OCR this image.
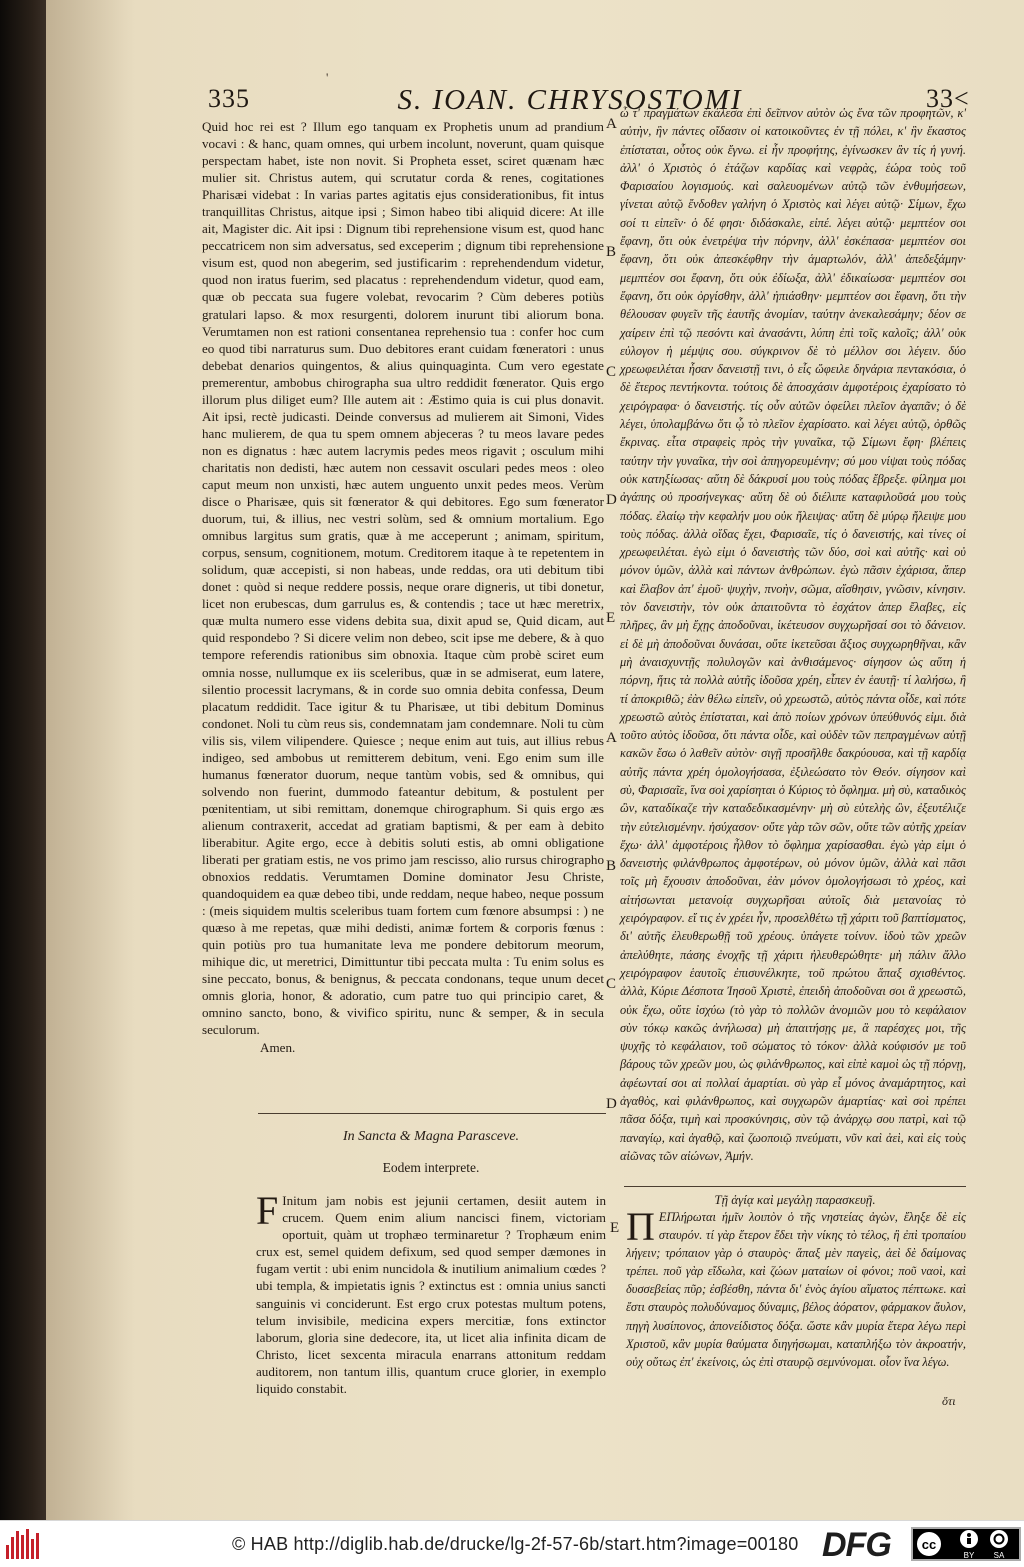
'
335	S. IOAN. CHRYSOSTOMI	33<

Quid hoc rei est ? Illum ego tanquam ex Prophetis unum ad prandium vocavi : & hanc, quam omnes, qui urbem incolunt, noverunt, quam quisque perspectam habet, iste non novit. Si Propheta esset, sciret quænam hæc mulier sit. Christus autem, qui scrutatur corda & renes, cogitationes Pharisæi videbat : In varias partes agitatis ejus considerationibus, fit intus tranquillitas Christus, aitque ipsi ; Simon habeo tibi aliquid dicere: At ille ait, Magister dic. Ait ipsi : Dignum tibi reprehensione visum est, quod hanc peccatricem non sim adversatus, sed exceperim ; dignum tibi reprehensione visum est, quod non abegerim, sed justificarim : reprehendendum videtur, quod non iratus fuerim, sed placatus : reprehendendum videtur, quod eam, quæ ob peccata sua fugere volebat, revocarim ? Cùm deberes potiùs gratulari lapso. & mox resurgenti, dolorem inurunt tibi aliorum bona. Verumtamen non est rationi consentanea reprehensio tua : confer hoc cum eo quod tibi narraturus sum. Duo debitores erant cuidam fœneratori : unus debebat denarios quingentos, & alius quinquaginta. Cum vero egestate premerentur, ambobus chirographa sua ultro reddidit fœnerator. Quis ergo illorum plus diliget eum? Ille autem ait : Æstimo quia is cui plus donavit. Ait ipsi, rectè judicasti. Deinde conversus ad mulierem ait Simoni, Vides hanc mulierem, de qua tu spem omnem abjeceras ? tu meos lavare pedes non es dignatus : hæc autem lacrymis pedes meos rigavit ; osculum mihi charitatis non dedisti, hæc autem non cessavit osculari pedes meos : oleo caput meum non unxisti, hæc autem unguento unxit pedes meos. Verùm disce o Pharisæe, quis sit fœnerator & qui debitores. Ego sum fœnerator duorum, tui, & illius, nec vestri solùm, sed & omnium mortalium. Ego omnibus largitus sum gratis, quæ à me acceperunt ; animam, spiritum, corpus, sensum, cognitionem, motum. Creditorem itaque à te repetentem in solidum, quæ accepisti, si non habeas, unde reddas, ora uti debitum tibi donet : quòd si neque reddere possis, neque orare digneris, ut tibi donetur, licet non erubescas, dum garrulus es, & contendis ; tace ut hæc meretrix, quæ multa numero esse videns debita sua, dixit apud se, Quid dicam, aut quid respondebo ? Si dicere velim non debeo, scit ipse me debere, & à quo tempore referendis rationibus sim obnoxia. Itaque cùm probè sciret eum omnia nosse, nullumque ex iis sceleribus, quæ in se admiserat, eum latere, silentio processit lacrymans, & in corde suo omnia debita confessa, Deum placatum reddidit. Tace igitur & tu Pharisæe, ut tibi debitum Dominus condonet. Noli tu cùm reus sis, condemnatam jam condemnare. Noli tu cùm vilis sis, vilem vilipendere. Quiesce ; neque enim aut tuis, aut illius rebus indigeo, sed ambobus ut remitterem debitum, veni. Ego enim sum ille humanus fœnerator duorum, neque tantùm vobis, sed & omnibus, qui solvendo non fuerint, dummodo fateantur debitum, & postulent per pœnitentiam, ut sibi remittam, donemque chirographum. Si quis ergo æs alienum contraxerit, accedat ad gratiam baptismi, & per eam à debito liberabitur. Agite ergo, ecce à debitis soluti estis, ab omni obligatione liberati per gratiam estis, ne vos primo jam rescisso, alio rursus chirographo obnoxios reddatis. Verumtamen Domine dominator Jesu Christe, quandoquidem ea quæ debeo tibi, unde reddam, neque habeo, neque possum : (meis siquidem multis sceleribus tuam fortem cum fœnore absumpsi : ) ne quæso à me repetas, quæ mihi dedisti, animæ fortem & corporis fœnus : quin potiùs pro tua humanitate leva me pondere debitorum meorum, mihique dic, ut meretrici, Dimittuntur tibi peccata multa : Tu enim solus es sine peccato, bonus, & benignus, & peccata condonans, teque unum decet omnis gloria, honor, & adoratio, cum patre tuo qui principio caret, & omnino sancto, bono, & vivifico spiritu, nunc & semper, & in secula seculorum.

Amen.

ὦ τ' πραγμάτων ἐκάλεσα ἐπὶ δεῖπνον αὐτὸν ὡς ἕνα τῶν προφητῶν, κ' αὐτὴν, ἣν πάντες οἴδασιν οἱ κατοικοῦντες ἐν τῇ πόλει, κ' ἣν ἕκαστος ἐπίσταται, οὗτος οὐκ ἔγνω. εἰ ἦν προφήτης, ἐγίνωσκεν ἂν τίς ἡ γυνή. ἀλλ' ὁ Χριστὸς ὁ ἐτάζων καρδίας καὶ νεφρὰς, ἑώρα τοὺς τοῦ Φαρισαίου λογισμούς. καὶ σαλευομένων αὐτῷ τῶν ἐνθυμήσεων, γίνεται αὐτῷ ἔνδοθεν γαλήνη ὁ Χριστὸς καὶ λέγει αὐτῷ· Σίμων, ἔχω σοί τι εἰπεῖν· ὁ δέ φησι· διδάσκαλε, εἰπέ. λέγει αὐτῷ· μεμπτέον σοι ἔφανη, ὅτι οὐκ ἐνετρέψα τὴν πόρνην, ἀλλ' ἐσκέπασα· μεμπτέον σοι ἔφανη, ὅτι οὐκ ἀπεσκέφθην τὴν ἁμαρτωλόν, ἀλλ' ἀπεδεξάμην· μεμπτέον σοι ἔφανη, ὅτι οὐκ ἐδίωξα, ἀλλ' ἐδικαίωσα· μεμπτέον σοι ἔφανη, ὅτι οὐκ ὀργίσθην, ἀλλ' ἠπιάσθην· μεμπτέον σοι ἔφανη, ὅτι τὴν θέλουσαν φυγεῖν τῆς ἑαυτῆς ἀνομίαν, ταύτην ἀνεκαλεσάμην; δέον σε χαίρειν ἐπὶ τῷ πεσόντι καὶ ἀνασάντι, λύπη ἐπὶ τοῖς καλοῖς; ἀλλ' οὐκ εὐλογον ἡ μέμψις σου. σύγκρινον δὲ τὸ μέλλον σοι λέγειν. δύο χρεωφειλέται ἦσαν δανειστῇ τινι, ὁ εἷς ὤφειλε δηνάρια πεντακόσια, ὁ δὲ ἕτερος πεντήκοντα. τούτοις δὲ ἀποσχάσιν ἀμφοτέροις ἐχαρίσατο τὸ χειρόγραφα· ὁ δανειστής. τίς οὖν αὐτῶν ὀφείλει πλεῖον ἀγαπᾶν; ὁ δὲ λέγει, ὑπολαμβάνω ὅτι ᾧ τὸ πλεῖον ἐχαρίσατο. καὶ λέγει αὐτῷ, ὀρθῶς ἔκρινας. εἶτα στραφεὶς πρὸς τὴν γυναῖκα, τῷ Σίμωνι ἔφη· βλέπεις ταύτην τὴν γυναῖκα, τὴν σοὶ ἀπηγορευμένην; σύ μου νίψαι τοὺς πόδας οὐκ κατηξίωσας· αὕτη δὲ δάκρυσί μου τοὺς πόδας ἔβρεξε. φίλημα μοι ἀγάπης οὐ προσήνεγκας· αὕτη δὲ οὐ διέλιπε καταφιλοῦσά μου τοὺς πόδας. ἐλαίῳ τὴν κεφαλήν μου οὐκ ἤλειψας· αὕτη δὲ μύρῳ ἤλειψε μου τοὺς πόδας. ἀλλὰ οἴδας ἔχει, Φαρισαῖε, τίς ὁ δανειστής, καὶ τίνες οἱ χρεωφειλέται. ἐγὼ εἰμι ὁ δανειστὴς τῶν δύο, σοὶ καὶ αὐτῆς· καὶ οὐ μόνον ὑμῶν, ἀλλὰ καὶ πάντων ἀνθρώπων. ἐγὼ πᾶσιν ἐχάρισα, ἅπερ καὶ ἔλαβον ἀπ' ἐμοῦ· ψυχὴν, πνοὴν, σῶμα, αἴσθησιν, γνῶσιν, κίνησιν. τὸν δανειστὴν, τὸν οὐκ ἀπαιτοῦντα τὸ ἐσχάτον ἀπερ ἔλαβες, εἰς πλῆρες, ἂν μὴ ἔχῃς ἀποδοῦναι, ἱκέτευσον συγχωρῆσαί σοι τὸ δάνειον. εἰ δὲ μὴ ἀποδοῦναι δυνάσαι, οὔτε ἱκετεῦσαι ἄξιος συγχωρηθῆναι, κἂν μὴ ἀναισχυντῇς πολυλογῶν καὶ ἀνθισάμενος· σίγησον ὡς αὕτη ἡ πόρνη, ἥτις τὰ πολλὰ αὐτῆς ἰδοῦσα χρέη, εἶπεν ἐν ἑαυτῇ· τί λαλήσω, ἢ τί ἀποκριθῶ; ἐὰν θέλω εἰπεῖν, οὐ χρεωστῶ, αὐτὸς πάντα οἶδε, καὶ πότε χρεωστῶ αὐτὸς ἐπίσταται, καὶ ἀπὸ ποίων χρόνων ὑπεύθυνός εἰμι. διὰ τοῦτο αὐτὸς ἰδοῦσα, ὅτι πάντα οἶδε, καὶ οὐδὲν τῶν πεπραγμένων αὐτῇ κακῶν ἔσω ὁ λαθεῖν αὐτὸν· σιγῇ προσῆλθε δακρύουσα, καὶ τῇ καρδίᾳ αὐτῆς πάντα χρέη ὁμολογήσασα, ἐξιλεώσατο τὸν Θεόν. σίγησον καὶ σὺ, Φαρισαῖε, ἵνα σοὶ χαρίσηται ὁ Κύριος τὸ ὄφλημα. μὴ σὺ, καταδικὸς ὢν, καταδίκαζε τὴν καταδεδικασμένην· μὴ σὺ εὐτελὴς ὢν, ἐξευτέλιζε τὴν εὐτελισμένην. ἡσύχασον· οὔτε γὰρ τῶν σῶν, οὔτε τῶν αὐτῆς χρείαν ἔχω· ἀλλ' ἀμφοτέροις ἦλθον τὸ ὄφλημα χαρίσασθαι. ἐγὼ γὰρ εἰμι ὁ δανειστὴς φιλάνθρωπος ἀμφοτέρων, οὐ μόνον ὑμῶν, ἀλλὰ καὶ πᾶσι τοῖς μὴ ἔχουσιν ἀποδοῦναι, ἐὰν μόνον ὁμολογήσωσι τὸ χρέος, καὶ αἰτήσωνται μετανοίᾳ συγχωρῆσαι αὐτοῖς διὰ μετανοίας τὸ χειρόγραφον. εἴ τις ἐν χρέει ἦν, προσελθέτω τῇ χάριτι τοῦ βαπτίσματος, δι' αὐτῆς ἐλευθερωθῇ τοῦ χρέους. ὑπάγετε τοίνυν. ἰδοὺ τῶν χρεῶν ἀπελύθητε, πάσης ἐνοχῆς τῇ χάριτι ἠλευθερώθητε· μὴ πάλιν ἄλλο χειρόγραφον ἑαυτοῖς ἐπισυνέλκητε, τοῦ πρώτου ἅπαξ σχισθέντος. ἀλλὰ, Κύριε Δέσποτα Ἰησοῦ Χριστὲ, ἐπειδὴ ἀποδοῦναι σοι ἃ χρεωστῶ, οὐκ ἔχω, οὔτε ἰσχύω (τὸ γὰρ τὸ πολλῶν ἀνομιῶν μου τὸ κεφάλαιον σὺν τόκῳ κακῶς ἀνήλωσα) μὴ ἀπαιτήσῃς με, ἃ παρέσχες μοι, τῆς ψυχῆς τὸ κεφάλαιον, τοῦ σώματος τὸ τόκον· ἀλλὰ κούφισόν με τοῦ βάρους τῶν χρεῶν μου, ὡς φιλάνθρωπος, καὶ εἰπὲ καμοὶ ὡς τῇ πόρνῃ, ἀφέωνταί σοι αἱ πολλαί ἁμαρτίαι. σὺ γὰρ εἶ μόνος ἀναμάρτητος, καὶ ἀγαθὸς, καὶ φιλάνθρωπος, καὶ συγχωρῶν ἁμαρτίας· καὶ σοὶ πρέπει πᾶσα δόξα, τιμὴ καὶ προσκύνησις, σὺν τῷ ἀνάρχῳ σου πατρὶ, καὶ τῷ παναγίῳ, καὶ ἀγαθῷ, καὶ ζωοποιῷ πνεύματι, νῦν καὶ ἀεὶ, καὶ εἰς τοὺς αἰῶνας τῶν αἰώνων, Ἀμήν.

A
B
C
D
E
A
B
C
D
E
In Sancta & Magna Parasceve.
Eodem interprete.
F Initum jam nobis est jejunii certamen, desiit autem in crucem. Quem enim alium nancisci finem, victoriam oportuit, quàm ut trophæo terminaretur ? Trophæum enim crux est, semel quidem defixum, sed quod semper dæmones in fugam vertit : ubi enim nuncidola & inutilium animalium cœdes ? ubi templa, & impietatis ignis ? extinctus est : omnia unius sancti sanguinis vi conciderunt. Est ergo crux potestas multum potens, telum invisibile, medicina expers mercitiæ, fons extinctor laborum, gloria sine dedecore, ita, ut licet alia infinita dicam de Christo, licet sexcenta miracula enarrans attonitum reddam auditorem, non tantum illis, quantum cruce glorier, in exemplo liquido constabit.
Τῇ ἁγίᾳ καὶ μεγάλῃ παρασκευῇ.
Π ΕΠλήρωται ἡμῖν λοιπὸν ὁ τῆς νηστείας ἀγὼν, ἔληξε δὲ εἰς σταυρόν. τί γὰρ ἕτερον ἔδει τὴν νίκης τὸ τέλος, ἢ ἐπὶ τροπαίου λήγειν; τρόπαιον γὰρ ὁ σταυρὸς· ἅπαξ μὲν παγεὶς, ἀεὶ δὲ δαίμονας τρέπει. ποῦ γὰρ εἴδωλα, καὶ ζώων ματαίων οἱ φόνοι; ποῦ ναοὶ, καὶ δυσσεβείας πῦρ; ἐσβέσθη, πάντα δι' ἑνὸς ἁγίου αἵματος πέπτωκε. καὶ ἔστι σταυρὸς πολυδύναμος δύναμις, βέλος ἀόρατον, φάρμακον ἄυλον, πηγὴ λυσίπονος, ἀπονείδιστος δόξα. ὥστε κἂν μυρία ἕτερα λέγω περὶ Χριστοῦ, κἂν μυρία θαύματα διηγήσωμαι, καταπλήξω τὸν ἀκροατήν, οὐχ οὕτως ἐπ' ἐκείνοις, ὡς ἐπὶ σταυρῷ σεμνύνομαι. οἷον ἵνα λέγω.
ὅτι
© HAB http://diglib.hab.de/drucke/lg-2f-57-6b/start.htm?image=00180 DFG cc
BY SA
